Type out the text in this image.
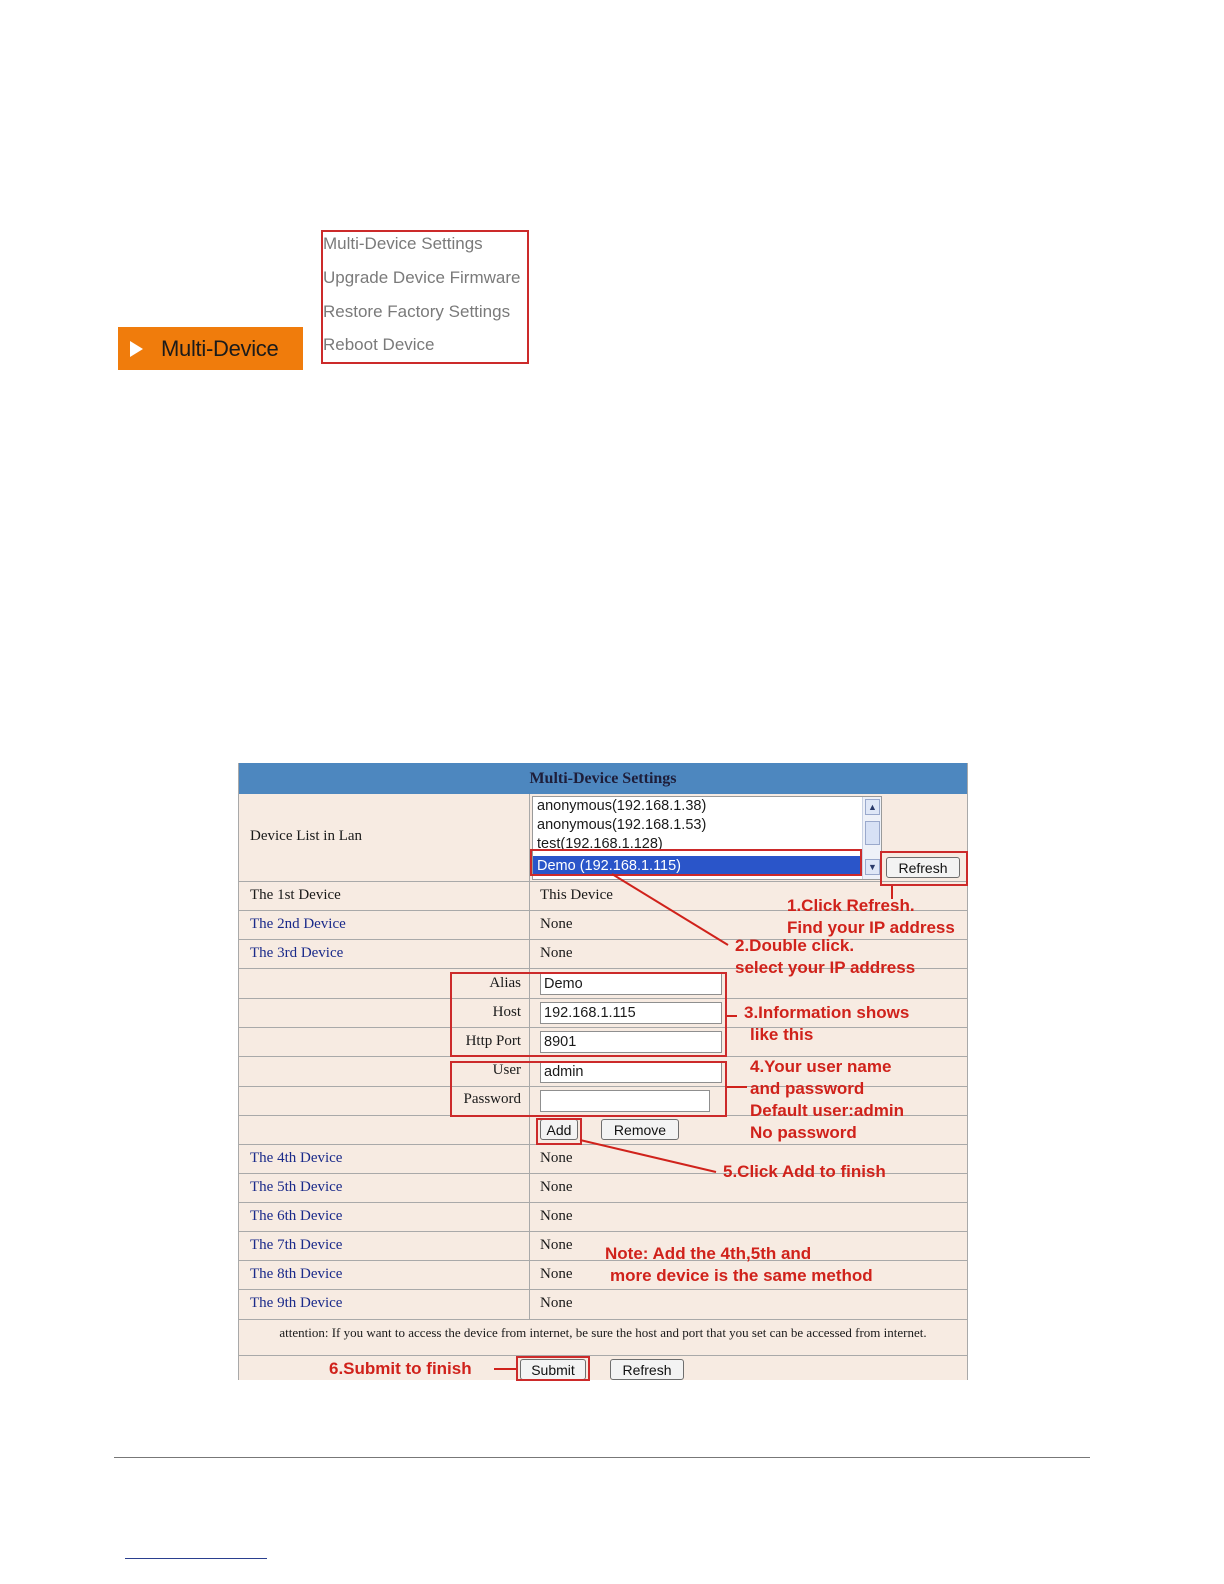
Multi-Device
Multi-Device Settings
Upgrade Device Firmware
Restore Factory Settings
Reboot Device
Multi-Device Settings
Device List in Lan
anonymous(192.168.1.38)
anonymous(192.168.1.53)
test(192.168.1.128)
Demo (192.168.1.115)
▲
▼	Refresh
The 1st Device	This Device
The 2nd Device	None
The 3rd Device	None
Alias Demo
Host 192.168.1.115
Http Port 8901
User admin
Password
Add	Remove
The 4th Device	None
The 5th Device	None
The 6th Device	None
The 7th Device	None
The 8th Device	None
The 9th Device	None
attention: If you want to access the device from internet, be sure the host and port that you set can be accessed from internet.
Submit	Refresh
1.Click Refresh.
Find your IP address
2.Double click.
select your IP address
3.Information shows
like this
4.Your user name
and password
Default user:admin
No password
5.Click Add to finish
Note: Add the 4th,5th and
more device is the same method
6.Submit to finish
